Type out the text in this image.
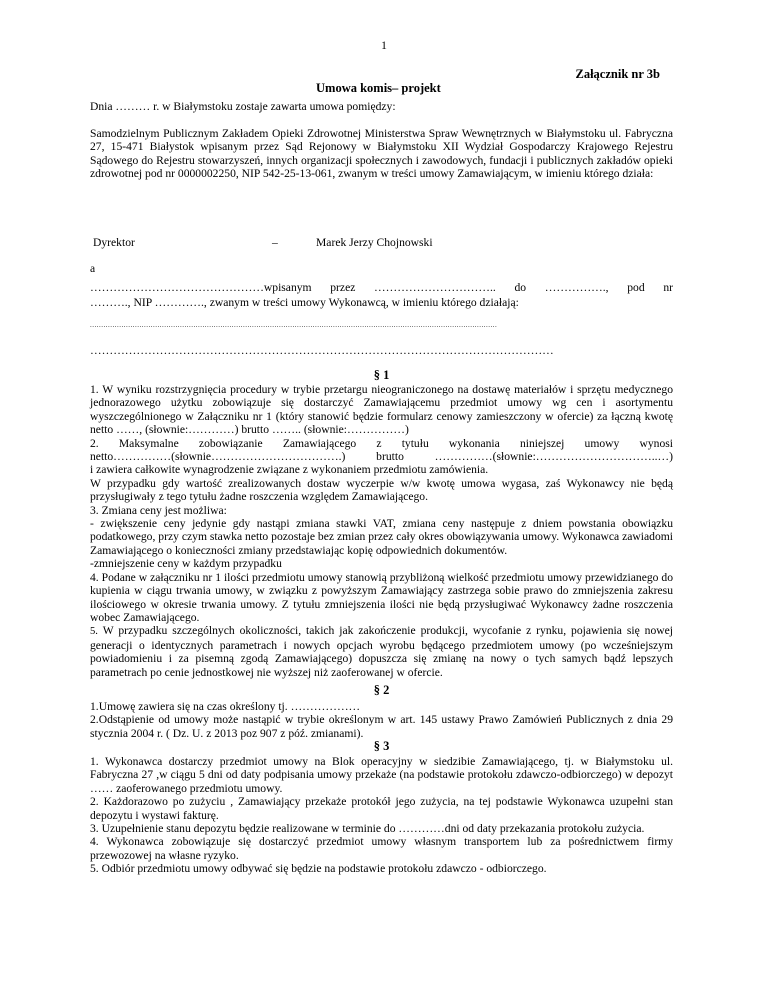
1
Załącznik nr 3b
Umowa komis– projekt
Dnia ……… r. w Białymstoku zostaje zawarta umowa pomiędzy:
Samodzielnym Publicznym Zakładem Opieki Zdrowotnej Ministerstwa Spraw Wewnętrznych w Białymstoku ul. Fabryczna 27, 15-471 Białystok wpisanym przez Sąd Rejonowy w Białymstoku XII Wydział Gospodarczy Krajowego Rejestru Sądowego do Rejestru stowarzyszeń, innych organizacji społecznych i zawodowych, fundacji i publicznych zakładów opieki zdrowotnej pod nr 0000002250, NIP 542-25-13-061, zwanym w treści umowy Zamawiającym, w imieniu którego działa:
Dyrektor	–	Marek Jerzy Chojnowski
a
………………………………………wpisanym przez ………………………….. do ……………., pod nr
………., NIP …………., zwanym w treści umowy Wykonawcą, w imieniu którego działają:
.....................................................................................................................................................................................
…………………………………………………………………………………………………………
§ 1

1. W wyniku rozstrzygnięcia procedury w trybie przetargu nieograniczonego na dostawę materiałów i sprzętu medycznego jednorazowego użytku zobowiązuje się dostarczyć Zamawiającemu przedmiot umowy wg cen i asortymentu wyszczególnionego w Załączniku nr 1 (który stanowić będzie formularz cenowy zamieszczony w ofercie) za łączną kwotę netto ……, (słownie:…………) brutto …….. (słownie:……………)

2. Maksymalne zobowiązanie Zamawiającego z tytułu wykonania niniejszej umowy wynosi

netto……………(słownie…………………………….) brutto ……………(słownie:…………………………..…)

i zawiera całkowite wynagrodzenie związane z wykonaniem przedmiotu zamówienia.

W przypadku gdy wartość zrealizowanych dostaw wyczerpie w/w kwotę umowa wygasa, zaś Wykonawcy nie będą przysługiwały z tego tytułu żadne roszczenia względem Zamawiającego.

3. Zmiana ceny jest możliwa:

- zwiększenie ceny jedynie gdy nastąpi zmiana stawki VAT, zmiana ceny następuje z dniem powstania obowiązku podatkowego, przy czym stawka netto pozostaje bez zmian przez cały okres obowiązywania umowy. Wykonawca zawiadomi Zamawiającego o konieczności zmiany przedstawiając kopię odpowiednich dokumentów.

-zmniejszenie ceny w każdym przypadku

4. Podane w załączniku nr 1 ilości przedmiotu umowy stanowią przybliżoną wielkość przedmiotu umowy przewidzianego do kupienia w ciągu trwania umowy, w związku z powyższym Zamawiający zastrzega sobie prawo do zmniejszenia zakresu ilościowego w okresie trwania umowy. Z tytułu zmniejszenia ilości nie będą przysługiwać Wykonawcy żadne roszczenia wobec Zamawiającego.

5. W przypadku szczególnych okoliczności, takich jak zakończenie produkcji, wycofanie z rynku, pojawienia się nowej generacji o identycznych parametrach i nowych opcjach wyrobu będącego przedmiotem umowy (po wcześniejszym powiadomieniu i za pisemną zgodą Zamawiającego) dopuszcza się zmianę na nowy o tych samych bądź lepszych parametrach po cenie jednostkowej nie wyższej niż zaoferowanej w ofercie.

§ 2

1.Umowę zawiera się na czas określony tj. ………………

2.Odstąpienie od umowy może nastąpić w trybie określonym w art. 145 ustawy Prawo Zamówień Publicznych z dnia 29 stycznia 2004 r. ( Dz. U. z 2013 poz 907 z póź. zmianami).

§ 3

1. Wykonawca dostarczy przedmiot umowy na Blok operacyjny w siedzibie Zamawiającego, tj. w Białymstoku ul. Fabryczna 27 ,w ciągu 5 dni od daty podpisania umowy przekaże (na podstawie protokołu zdawczo-odbiorczego) w depozyt …… zaoferowanego przedmiotu umowy.

2. Każdorazowo po zużyciu , Zamawiający przekaże protokół jego zużycia, na tej podstawie Wykonawca uzupełni stan depozytu i wystawi fakturę.

3. Uzupełnienie stanu depozytu będzie realizowane w terminie do …………dni od daty przekazania protokołu zużycia.

4. Wykonawca zobowiązuje się dostarczyć przedmiot umowy własnym transportem lub za pośrednictwem firmy przewozowej na własne ryzyko.

5. Odbiór przedmiotu umowy odbywać się będzie na podstawie protokołu zdawczo - odbiorczego.
